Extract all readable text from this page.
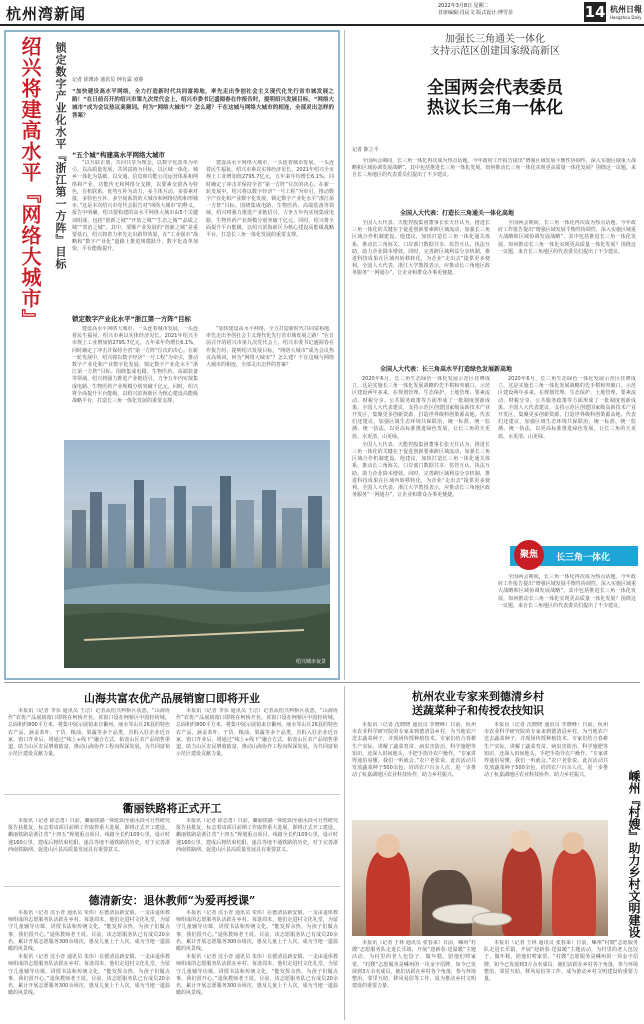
杭州湾新闻	2022年3月8日 星期二
首席编辑:肖民文 版式设计:博雪菲	14 杭州日報
Hangzhou Daily
绍兴将建高水平『网络大城市』	锁定数字产业化水平『浙江第一方阵』目标 记者 徐澳涛 通讯员 钟有霖 凌睿
“加快建设高水平网络，全力打造新时代共同富裕地，率先走出争创社会主义现代化先行省市城发展之路！”在日前召开的绍兴市第九次党代会上，绍兴市委书记盛阅春在作报告时，提明绍兴发展目标，“网络大城市”成为会议热议高频词。何为“网络大城市”？怎么建？干在这城与网络大城市的相连，全部灵出怎样的答案？
“五个城”构建高水平网络大城市

“以互联正离，共同共享为理念，以数字化改革为牵引，以高质量发展、共同富裕为目标，以区域一体化、城乡一体化为基础，以交通、信息和功能公司运营体系和网络和产业、功能传无和网络分支撑，以要素交错各为特色，有机联系、优势互补为动力，多主体互动，多要素对接，多特色互补、多空间系筑的大城市和网络结构和形城市。”这是本次绍兴市党代会报告对“网络大城市”的释义。报告中明确，绍兴要构建的高水平网络大城市由5个关键词组成，包括“创新之城”“开放之城”“生态之城”“品质之城”“善治之城”。其中，要顺产业发展的“创新之城”是重要基石，绍兴将着力率先走出路带效果，在“工业强市”战略和“数字产业化”道路上推进规模跃升、数字化改革加快、平台能级提升。

建设高水平网络大城市，一头连着城市发展，一头连着民生福祉。绍兴市素以实体经济见长。2021年绍兴全市规上工业增加值2795.7亿元，五年来年均增长6.1%，同时确定了冲击并保持全省“第一方阵”位次的决心。在新一轮发展中，绍兴将以数字经济“一号工程”为牵引，推动数字产业化和产业数字化发展，锁定数字产业化水平“浙江第一方阵”目标。围绕集成电路、生物医药、高端装备等领域，绍兴将强力推进产业链招引，力争五年内实现集成电路、生物医药产业规模分别突破千亿元。同时，绍兴将全面提升平台能级，以绍兴滨海新区为核心建设高能级战略平台，打造长三角一体化发展的重要支撑。

锁定数字产业化水平“浙江第一方阵”目标

建设高水平网络大城市，一头连着城市发展，一头连着民生福祉。绍兴市素以实体经济见长。2021年绍兴全市规上工业增加值2795.7亿元，五年来年均增长6.1%，同时确定了冲击并保持全省“第一方阵”位次的决心。在新一轮发展中，绍兴将以数字经济“一号工程”为牵引，推动数字产业化和产业数字化发展，锁定数字产业化水平“浙江第一方阵”目标。围绕集成电路、生物医药、高端装备等领域，绍兴将强力推进产业链招引，力争五年内实现集成电路、生物医药产业规模分别突破千亿元。同时，绍兴将全面提升平台能级，以绍兴滨海新区为核心建设高能级战略平台，打造长三角一体化发展的重要支撑。

“加快建设高水平网络，全力打造新时代共同富裕地，率先走出争创社会主义现代化先行省市城发展之路！”在日前召开的绍兴市第九次党代会上，绍兴市委书记盛阅春在作报告时，提明绍兴发展目标，“网络大城市”成为会议热议高频词。何为“网络大城市”？怎么建？干在这城与网络大城市的相连，全部灵出怎样的答案？

绍兴城市夜景
加强长三角通关一体化
支持示范区创建国家级高新区
全国两会代表委员
热议长三角一体化
记者 陈立平

全国两会期间，长三角一体化再次成为热点话题。今年政府工作报告提出“增强区域发展平衡性协调性，深入实施区域重大战略和区域协调发展战略”，其中包括推进长三角一体化发展。如何推动长三角一体化实现更高质量一体化发展？围绕这一议题，来自长三角地区的代表委员们提出了不少建议。

全国人大代表：打造长三角通关一体化高地

全国人大代表、天能控股集团董事长张天任认为，推进长三角一体化的关键在于促进创新要素跨区域流动，加强长三角区域合作机制建设。他建议，加快打造长三角一体化通关体系，推动长三角海关、口岸部门数据共享、监管互认、执法互助，助力企业降本增效。同时，完善跨区域利益分享机制，推进科技成果在区域内转移转化，为企业“走出去”提供更多便利。全国人大代表、浙江大学教授表示，应推动长三角地区政务服务“一网通办”，让企业和群众办事更便捷。

全国两会期间，长三角一体化再次成为热点话题。今年政府工作报告提出“增强区域发展平衡性协调性，深入实施区域重大战略和区域协调发展战略”，其中包括推进长三角一体化发展。如何推动长三角一体化实现更高质量一体化发展？围绕这一议题，来自长三角地区的代表委员们提出了不少建议。

全国人大代表：长三角高水平打造绿色发展新高地

2020年6月，长三角生态绿色一体化发展示范区挂牌成立，这是实施长三角一体化发展战略的先手棋和突破口。示范区建设两年多来，在规划管理、生态保护、土地管理、要素流动、财税分享、公共服务政策等方面形成了一批制度创新成果。全国人大代表建议，支持示范区创建国家级高新技术产业开发区，集聚更多创新资源，打造世界级科创策源高地。代表们还建议，加强区域生态环境共保联治，统一标准、统一监测、统一执法，以更高标准推进绿色发展，让长三角的天更蓝、水更清、山更绿。

全国人大代表、天能控股集团董事长张天任认为，推进长三角一体化的关键在于促进创新要素跨区域流动，加强长三角区域合作机制建设。他建议，加快打造长三角一体化通关体系，推动长三角海关、口岸部门数据共享、监管互认、执法互助，助力企业降本增效。同时，完善跨区域利益分享机制，推进科技成果在区域内转移转化，为企业“走出去”提供更多便利。全国人大代表、浙江大学教授表示，应推动长三角地区政务服务“一网通办”，让企业和群众办事更便捷。

2020年6月，长三角生态绿色一体化发展示范区挂牌成立，这是实施长三角一体化发展战略的先手棋和突破口。示范区建设两年多来，在规划管理、生态保护、土地管理、要素流动、财税分享、公共服务政策等方面形成了一批制度创新成果。全国人大代表建议，支持示范区创建国家级高新技术产业开发区，集聚更多创新资源，打造世界级科创策源高地。代表们还建议，加强区域生态环境共保联治，统一标准、统一监测、统一执法，以更高标准推进绿色发展，让长三角的天更蓝、水更清、山更绿。

聚焦	长三角一体化

全国两会期间，长三角一体化再次成为热点话题。今年政府工作报告提出“增强区域发展平衡性协调性，深入实施区域重大战略和区域协调发展战略”，其中包括推进长三角一体化发展。如何推动长三角一体化实现更高质量一体化发展？围绕这一议题，来自长三角地区的代表委员们提出了不少建议。

山海共富农优产品展销窗口即将开业

本报讯（记者 李东 通讯员 王洁）记者从绍兴柯桥区获悉，“山海协作”农优产品展销窗口即将在柯桥开业。该窗口设在柯桥区中国轻纺城，总面积约800平方米，将集中展示展销来自衢州、丽水等山区26县的特色农产品，涵盖茶叶、干货、粮油、果蔬等多个品类，首批入驻企业近百家。窗口开业后，将通过“线上+线下”融合方式，拓宽山区农产品销售渠道，助力山区农民增收致富，推动山海协作工程向纵深发展，为共同富裕示范区建设贡献力量。

本报讯（记者 李东 通讯员 王洁）记者从绍兴柯桥区获悉，“山海协作”农优产品展销窗口即将在柯桥开业。该窗口设在柯桥区中国轻纺城，总面积约800平方米，将集中展示展销来自衢州、丽水等山区26县的特色农产品，涵盖茶叶、干货、粮油、果蔬等多个品类，首批入驻企业近百家。窗口开业后，将通过“线上+线下”融合方式，拓宽山区农产品销售渠道，助力山区农民增收致富，推动山海协作工程向纵深发展，为共同富裕示范区建设贡献力量。

衢丽铁路将正式开工

本报讯（记者 徐志勇）日前，衢丽铁路一期松阳至丽水段可行性研究报告获批复，标志着该项目前期工作取得重大进展，即将正式开工建设。衢丽铁路是浙江省“十四五”规划重点项目，线路全长约109公里，设计时速160公里，建成后将结束松阳、遂昌等地不通铁路的历史，对于完善浙西南铁路网、促进山区县高质量发展具有重要意义。

本报讯（记者 徐志勇）日前，衢丽铁路一期松阳至丽水段可行性研究报告获批复，标志着该项目前期工作取得重大进展，即将正式开工建设。衢丽铁路是浙江省“十四五”规划重点项目，线路全长约109公里，设计时速160公里，建成后将结束松阳、遂昌等地不通铁路的历史，对于完善浙西南铁路网、促进山区县高质量发展具有重要意义。

德清新安：退休教师“为爱再授课”

本报讯（记者 沈小青 通讯员 朱伟）在德清县新安镇，一支由退休教师组成的志愿服务队活跃在乡村。每逢周末，他们走进村文化礼堂，为留守儿童辅导功课、讲授书法和传统文化。“能发挥余热，为孩子们做点事，我们很开心。”退休教师老王说。目前，该志愿服务队已有成员20余名，累计开展志愿服务300余场次，惠及儿童上千人次，成为当地一道温暖的风景线。

本报讯（记者 沈小青 通讯员 朱伟）在德清县新安镇，一支由退休教师组成的志愿服务队活跃在乡村。每逢周末，他们走进村文化礼堂，为留守儿童辅导功课、讲授书法和传统文化。“能发挥余热，为孩子们做点事，我们很开心。”退休教师老王说。目前，该志愿服务队已有成员20余名，累计开展志愿服务300余场次，惠及儿童上千人次，成为当地一道温暖的风景线。

本报讯（记者 沈小青 通讯员 朱伟）在德清县新安镇，一支由退休教师组成的志愿服务队活跃在乡村。每逢周末，他们走进村文化礼堂，为留守儿童辅导功课、讲授书法和传统文化。“能发挥余热，为孩子们做点事，我们很开心。”退休教师老王说。目前，该志愿服务队已有成员20余名，累计开展志愿服务300余场次，惠及儿童上千人次，成为当地一道温暖的风景线。

本报讯（记者 沈小青 通讯员 朱伟）在德清县新安镇，一支由退休教师组成的志愿服务队活跃在乡村。每逢周末，他们走进村文化礼堂，为留守儿童辅导功课、讲授书法和传统文化。“能发挥余热，为孩子们做点事，我们很开心。”退休教师老王说。目前，该志愿服务队已有成员20余名，累计开展志愿服务300余场次，惠及儿童上千人次，成为当地一道温暖的风景线。

杭州农业专家来到德清乡村
送蔬菜种子和传授农技知识

本报讯（记者 沈晓晓 通讯员 李晓峰）日前，杭州市农业科学研究院的专家来到德清县乡村，为当地农户送去蔬菜种子，并现场传授种植技术。专家们结合春耕生产实际，讲解了蔬菜育苗、病虫害防治、科学施肥等知识，还深入田间地头，手把手指导农户操作。“专家讲得通俗易懂，我们一听就会。”农户老张说。此次活动共发放蔬菜种子500余包，培训农户百余人次，进一步推动了杭嘉湖地区农业科技协作，助力乡村振兴。

本报讯（记者 沈晓晓 通讯员 李晓峰）日前，杭州市农业科学研究院的专家来到德清县乡村，为当地农户送去蔬菜种子，并现场传授种植技术。专家们结合春耕生产实际，讲解了蔬菜育苗、病虫害防治、科学施肥等知识，还深入田间地头，手把手指导农户操作。“专家讲得通俗易懂，我们一听就会。”农户老张说。此次活动共发放蔬菜种子500余包，培训农户百余人次，进一步推动了杭嘉湖地区农业科技协作，助力乡村振兴。	嵊州『村嫂』助力乡村文明建设

本报讯（记者 王林 通讯员 张春来）日前，嵊州“村嫂”志愿服务队走进长乐镇，开展“迎新春·送温暖”主题活动，为村里的老人包饺子、做年糕，陪他们唠家常。“村嫂”志愿服务是嵊州的一块金字招牌，如今已发展到3万余名成员，她们活跃在乡村各个角落，参与环境整治、邻里互助、移风易俗等工作，成为推动乡村文明建设的重要力量。

本报讯（记者 王林 通讯员 张春来）日前，嵊州“村嫂”志愿服务队走进长乐镇，开展“迎新春·送温暖”主题活动，为村里的老人包饺子、做年糕，陪他们唠家常。“村嫂”志愿服务是嵊州的一块金字招牌，如今已发展到3万余名成员，她们活跃在乡村各个角落，参与环境整治、邻里互助、移风易俗等工作，成为推动乡村文明建设的重要力量。
